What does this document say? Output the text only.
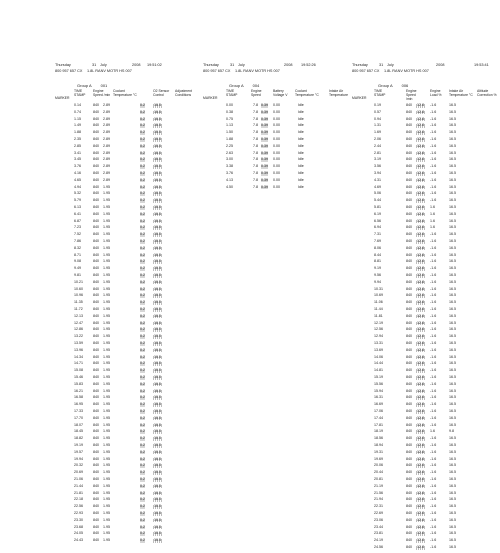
Thursday	31 July	2008 19:51:02
800 957 657 CX 1.8L RANV MOTR HS 007
Group A 001
MARKER
TIME STAMP
Engine Speed /min
Coolant Temperature °C
O2 Sensor Control
Adjustment Conditions
0.14	840 2.89	0.2	16.5
0.74	840 2.89	0.2	16.5
1.15	840 2.89	0.2	16.5
1.49	840 2.89	0.2	16.5
1.88	840 2.89	0.2	16.5
2.35	840 2.89	0.2	16.5
2.85	840 2.89	0.2	16.5
3.41	840 2.89	0.2	16.5
3.45	840 2.89	0.2	16.5
3.76	840 2.89	0.2	16.5
4.16	840 2.89	0.2	16.5
4.65	840 2.89	0.2	16.5
4.94	840 1.95	0.2	16.5
5.32	840 1.95	0.2	16.5
5.79	840 1.95	0.2	16.5
6.13	840 1.95	0.2	16.5
6.41	840 1.95	0.2	16.5
6.87	840 1.95	0.2	16.5
7.23	840 1.95	0.2	16.5
7.52	840 1.95	0.2	16.5
7.86	840 1.95	0.2	16.5
8.32	840 1.95	0.2	16.5
8.71	840 1.95	0.2	16.5
9.08	840 1.95	0.2	16.5
9.49	840 1.95	0.2	16.5
9.81	840 1.95	0.2	16.5
10.21	840 1.95	0.2	16.5
10.60	840 1.95	0.2	16.5
10.96	840 1.95	0.2	16.5
11.35	840 1.95	0.2	16.5
11.72	840 1.95	0.2	16.5
12.13	840 1.95	0.2	16.5
12.47	840 1.95	0.2	16.5
12.86	840 1.95	0.2	16.5
13.22	840 1.95	0.2	16.5
13.59	840 1.95	0.2	16.5
13.96	840 1.95	0.2	16.5
14.34	840 1.95	0.2	16.5
14.71	840 1.95	0.2	16.5
15.08	840 1.95	0.2	16.5
15.46	840 1.95	0.2	16.5
15.83	840 1.95	0.2	16.5
16.21	840 1.95	0.2	16.5
16.58	840 1.95	0.2	16.5
16.95	840 1.95	0.2	16.5
17.33	840 1.95	0.2	16.5
17.70	840 1.95	0.2	16.5
18.07	840 1.95	0.2	16.5
18.45	840 1.95	0.2	16.5
18.82	840 1.95	0.2	16.5
19.19	840 1.95	0.2	16.5
19.57	840 1.95	0.2	16.5
19.94	840 1.95	0.2	16.5
20.32	840 1.95	0.2	16.5
20.69	840 1.95	0.2	16.5
21.06	840 1.95	0.2	16.5
21.44	840 1.95	0.2	16.5
21.81	840 1.95	0.2	16.5
22.18	840 1.95	0.2	16.5
22.56	840 1.95	0.2	16.5
22.93	840 1.95	0.2	16.5
23.30	840 1.95	0.2	16.5
23.68	840 1.95	0.2	16.5
24.05	840 1.95	0.2	16.5
24.43	840 1.95	0.2	16.5
Thursday	31 July	2008 19:52:26
800 957 657 CX 1.8L RANV MOTR HS 007
Group A 004
MARKER
TIME STAMP
Engine Speed
Battery Voltage V
Coolant Temperature °C
Intake Air Temperature
0.00	7.8 0.39 0.00	Idle
0.38	7.8 0.39 0.00	Idle
0.75	7.8 0.39 0.00	Idle
1.13	7.8 0.39 0.00	Idle
1.50	7.8 0.39 0.00	Idle
1.88	7.8 0.39 0.00	Idle
2.25	7.8 0.39 0.00	Idle
2.63	7.8 0.39 0.00	Idle
3.00	7.8 0.39 0.00	Idle
3.38	7.8 0.39 0.00	Idle
3.76	7.8 0.39 0.00	Idle
4.13	7.8 0.39 0.00	Idle
4.50	7.8 0.39 0.00	Idle
Thursday	31 July	2008	19:53:41
800 957 657 CX 1.8L RANV MOTR HS 007
Group A 006
MARKER
TIME STAMP
Engine Speed /min
Engine Load %
Intake Air Temperature °C
Altitude Correction %
0.19	840 12.8 -1.6	16.5
0.57	840 12.8 -1.6	16.5
0.94	840 12.8 -1.6	16.5
1.31	840 12.8 -1.6	16.5
1.69	840 12.8 -1.6	16.5
2.06	840 12.8 -1.6	16.5
2.44	840 12.8 -1.6	16.5
2.81	840 12.8 -1.6	16.5
3.19	840 12.8 -1.6	16.5
3.56	840 12.8 -1.6	16.5
3.94	840 12.8 -1.6	16.5
4.31	840 12.8 -1.6	16.5
4.69	840 12.8 -1.6	16.5
5.06	840 12.8 -1.6	16.5
5.44	840 12.8 -1.6	16.5
5.81	840 12.8 1.6	16.5
6.19	840 12.8 1.6	16.5
6.56	840 12.8 1.6	16.5
6.94	840 12.8 1.6	16.5
7.31	840 12.8 -1.6	16.5
7.69	840 12.8 -1.6	16.5
8.06	840 12.8 -1.6	16.5
8.44	840 12.8 -1.6	16.5
8.81	840 12.8 -1.6	16.5
9.19	840 12.8 -1.6	16.5
9.56	840 12.8 -1.6	16.5
9.94	840 12.8 -1.6	16.5
10.31	840 12.8 -1.6	16.5
10.69	840 12.8 -1.6	16.5
11.06	840 12.8 -1.6	16.5
11.44	840 12.8 -1.6	16.5
11.81	840 12.8 -1.6	16.5
12.19	840 12.8 -1.6	16.5
12.56	840 12.8 -1.6	16.5
12.94	840 12.8 -1.6	16.5
13.31	840 12.8 -1.6	16.5
13.69	840 12.8 -1.6	16.5
14.06	840 12.8 -1.6	16.5
14.44	840 12.8 -1.6	16.5
14.81	840 12.8 -1.6	16.5
15.19	840 12.8 -1.6	16.5
15.56	840 12.8 -1.6	16.5
15.94	840 12.8 -1.6	16.5
16.31	840 12.8 -1.6	16.5
16.69	840 12.8 -1.6	16.5
17.06	840 12.8 -1.6	16.5
17.44	840 12.8 -1.6	16.5
17.81	840 12.8 -1.6	16.5
18.19	840 12.8 1.6	9.8
18.56	840 12.8 -1.6	16.5
18.94	840 12.8 -1.6	16.5
19.31	840 12.8 -1.6	16.5
19.69	840 12.8 -1.6	16.5
20.06	840 12.8 -1.6	16.5
20.44	840 12.8 -1.6	16.5
20.81	840 12.8 -1.6	16.5
21.19	840 12.8 -1.6	16.5
21.56	840 12.8 -1.6	16.5
21.94	840 12.8 -1.6	16.5
22.31	840 12.8 -1.6	16.5
22.69	840 12.8 -1.6	16.5
23.06	840 12.8 -1.6	16.5
23.44	840 12.8 -1.6	16.5
23.81	840 12.8 -1.6	16.5
24.19	840 12.8 -1.6	16.5
24.56	840 12.8 -1.6	16.5
